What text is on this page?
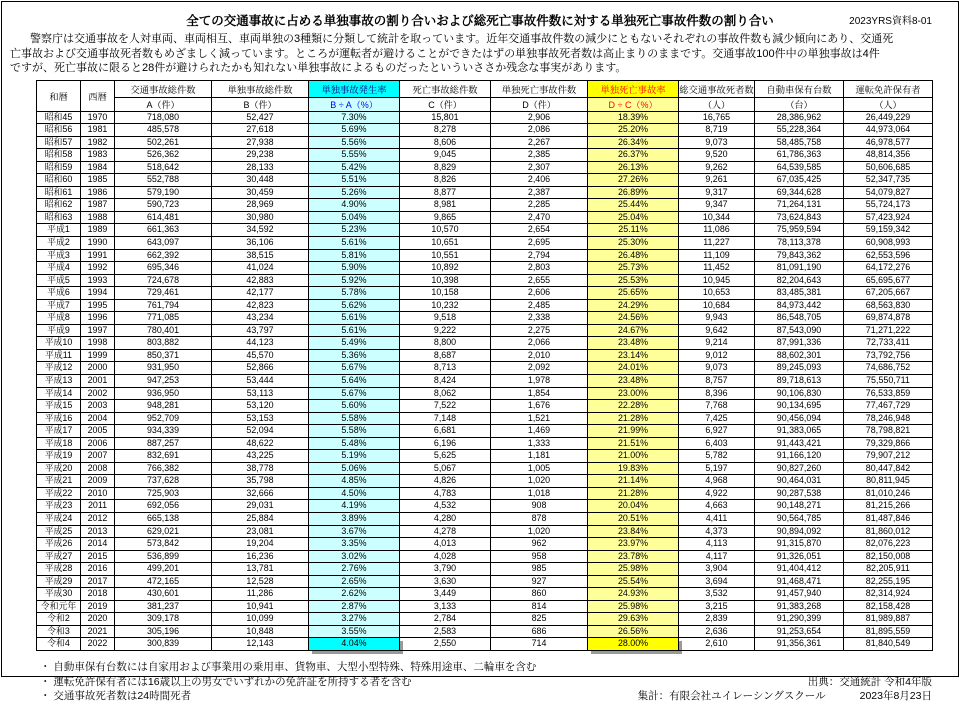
全ての交通事故に占める単独事故の割り合いおよび総死亡事故件数に対する単独死亡事故件数の割り合い	2023YRS資料8-01
警察庁は交通事故を人対車両、車両相互、車両単独の3種類に分類して統計を取っています。近年交通事故件数の減少にともないそれぞれの事故件数も減少傾向にあり、交通死
亡事故および交通事故死者数もめざましく減っています。ところが運転者が避けることができたはずの単独事故死者数は高止まりのままです。交通事故100件中の単独事故は4件
ですが、死亡事故に限ると28件が避けられたかも知れない単独事故によるものだったといういささか残念な事実があります。
和暦	西暦	交通事故総件数	単独事故総件数	単独事故発生率	死亡事故総件数	単独死亡事故件数	単独死亡事故率	総交通事故死者数	自動車保有台数	運転免許保有者
		A（件）	B（件）	B ÷ A（%）	C（件）	D（件）	D ÷ C（%）	（人）	（台）	（人）
昭和45	1970	718,080	52,427	7.30%	15,801	2,906	18.39%	16,765	28,386,962	26,449,229
昭和56	1981	485,578	27,618	5.69%	8,278	2,086	25.20%	8,719	55,228,364	44,973,064
昭和57	1982	502,261	27,938	5.56%	8,606	2,267	26.34%	9,073	58,485,758	46,978,577
昭和58	1983	526,362	29,238	5.55%	9,045	2,385	26.37%	9,520	61,786,363	48,814,356
昭和59	1984	518,642	28,133	5.42%	8,829	2,307	26.13%	9,262	64,539,585	50,606,685
昭和60	1985	552,788	30,448	5.51%	8,826	2,406	27.26%	9,261	67,035,425	52,347,735
昭和61	1986	579,190	30,459	5.26%	8,877	2,387	26.89%	9,317	69,344,628	54,079,827
昭和62	1987	590,723	28,969	4.90%	8,981	2,285	25.44%	9,347	71,264,131	55,724,173
昭和63	1988	614,481	30,980	5.04%	9,865	2,470	25.04%	10,344	73,624,843	57,423,924
平成1	1989	661,363	34,592	5.23%	10,570	2,654	25.11%	11,086	75,959,594	59,159,342
平成2	1990	643,097	36,106	5.61%	10,651	2,695	25.30%	11,227	78,113,378	60,908,993
平成3	1991	662,392	38,515	5.81%	10,551	2,794	26.48%	11,109	79,843,362	62,553,596
平成4	1992	695,346	41,024	5.90%	10,892	2,803	25.73%	11,452	81,091,190	64,172,276
平成5	1993	724,678	42,883	5.92%	10,398	2,655	25.53%	10,945	82,204,643	65,695,677
平成6	1994	729,461	42,177	5.78%	10,158	2,606	25.65%	10,653	83,485,381	67,205,667
平成7	1995	761,794	42,823	5.62%	10,232	2,485	24.29%	10,684	84,973,442	68,563,830
平成8	1996	771,085	43,234	5.61%	9,518	2,338	24.56%	9,943	86,548,705	69,874,878
平成9	1997	780,401	43,797	5.61%	9,222	2,275	24.67%	9,642	87,543,090	71,271,222
平成10	1998	803,882	44,123	5.49%	8,800	2,066	23.48%	9,214	87,991,336	72,733,411
平成11	1999	850,371	45,570	5.36%	8,687	2,010	23.14%	9,012	88,602,301	73,792,756
平成12	2000	931,950	52,866	5.67%	8,713	2,092	24.01%	9,073	89,245,093	74,686,752
平成13	2001	947,253	53,444	5.64%	8,424	1,978	23.48%	8,757	89,718,613	75,550,711
平成14	2002	936,950	53,113	5.67%	8,062	1,854	23.00%	8,396	90,106,830	76,533,859
平成15	2003	948,281	53,120	5.60%	7,522	1,676	22.28%	7,768	90,134,695	77,467,729
平成16	2004	952,709	53,153	5.58%	7,148	1,521	21.28%	7,425	90,456,094	78,246,948
平成17	2005	934,339	52,094	5.58%	6,681	1,469	21.99%	6,927	91,383,065	78,798,821
平成18	2006	887,257	48,622	5.48%	6,196	1,333	21.51%	6,403	91,443,421	79,329,866
平成19	2007	832,691	43,225	5.19%	5,625	1,181	21.00%	5,782	91,166,120	79,907,212
平成20	2008	766,382	38,778	5.06%	5,067	1,005	19.83%	5,197	90,827,260	80,447,842
平成21	2009	737,628	35,798	4.85%	4,826	1,020	21.14%	4,968	90,464,031	80,811,945
平成22	2010	725,903	32,666	4.50%	4,783	1,018	21.28%	4,922	90,287,538	81,010,246
平成23	2011	692,056	29,031	4.19%	4,532	908	20.04%	4,663	90,148,271	81,215,266
平成24	2012	665,138	25,884	3.89%	4,280	878	20.51%	4,411	90,564,785	81,487,846
平成25	2013	629,021	23,081	3.67%	4,278	1,020	23.84%	4,373	90,894,092	81,860,012
平成26	2014	573,842	19,204	3.35%	4,013	962	23.97%	4,113	91,315,870	82,076,223
平成27	2015	536,899	16,236	3.02%	4,028	958	23.78%	4,117	91,326,051	82,150,008
平成28	2016	499,201	13,781	2.76%	3,790	985	25.98%	3,904	91,404,412	82,205,911
平成29	2017	472,165	12,528	2.65%	3,630	927	25.54%	3,694	91,468,471	82,255,195
平成30	2018	430,601	11,286	2.62%	3,449	860	24.93%	3,532	91,457,940	82,314,924
令和元年	2019	381,237	10,941	2.87%	3,133	814	25.98%	3,215	91,383,268	82,158,428
令和2	2020	309,178	10,099	3.27%	2,784	825	29.63%	2,839	91,290,399	81,989,887
令和3	2021	305,196	10,848	3.55%	2,583	686	26.56%	2,636	91,253,654	81,895,559
令和4	2022	300,839	12,143	4.04%	2,550	714	28.00%	2,610	91,356,361	81,840,549
・ 自動車保有台数には自家用および事業用の乗用車、貨物車、大型小型特殊、特殊用途車、二輪車を含む
・ 運転免許保有者には16歳以上の男女でいずれかの免許証を所持する者を含む
・ 交通事故死者数は24時間死者
出典：交通統計 令和4年版
集計：有限会社ユイレーシングスクール	2023年8月23日
